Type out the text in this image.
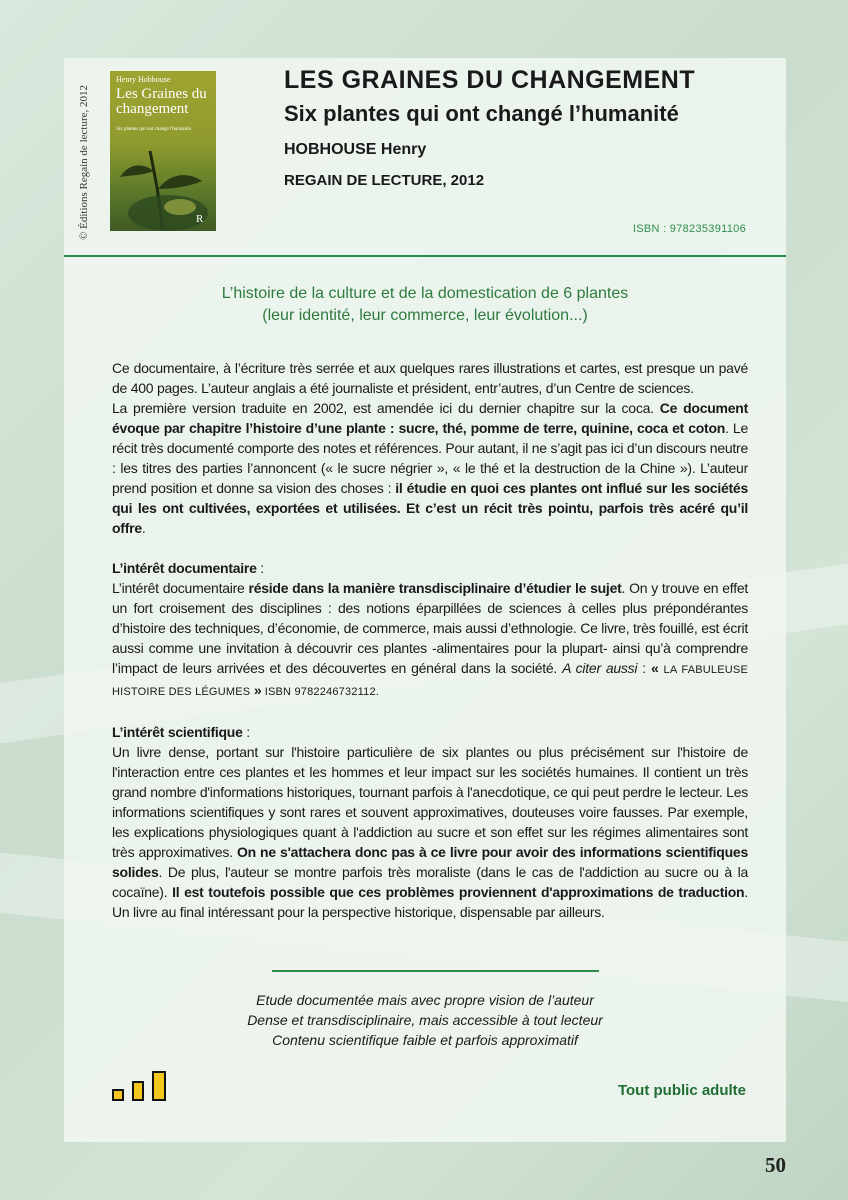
© Éditions Regain de lecture, 2012
Henry Hobhouse
Les Graines du changement
Six plantes qui ont changé l'humanité
R
LES GRAINES DU CHANGEMENT
Six plantes qui ont changé l’humanité
HOBHOUSE Henry
REGAIN DE LECTURE, 2012
ISBN : 978235391106
L’histoire de la culture et de la domestication de 6 plantes
(leur identité, leur commerce, leur évolution...)

Ce documentaire, à l’écriture très serrée et aux quelques rares illustrations et cartes, est presque un pavé de 400 pages. L’auteur anglais a été journaliste et président, entr’autres, d’un Centre de sciences.

La première version traduite en 2002, est amendée ici du dernier chapitre sur la coca. Ce document évoque par chapitre l’histoire d’une plante : sucre, thé, pomme de terre, quinine, coca et coton. Le récit très documenté comporte des notes et références. Pour autant, il ne s’agit pas ici d’un discours neutre : les titres des parties l’annoncent (« le sucre négrier », « le thé et la destruction de la Chine »). L’auteur prend position et donne sa vision des choses : il étudie en quoi ces plantes ont influé sur les sociétés qui les ont cultivées, exportées et utilisées. Et c’est un récit très pointu, parfois très acéré qu’il offre.

L’intérêt documentaire :

L’intérêt documentaire réside dans la manière transdisciplinaire d’étudier le sujet. On y trouve en effet un fort croisement des disciplines : des notions éparpillées de sciences à celles plus prépondérantes d’histoire des techniques, d’économie, de commerce, mais aussi d’ethnologie. Ce livre, très fouillé, est écrit aussi comme une invitation à découvrir ces plantes -alimentaires pour la plupart- ainsi qu’à comprendre l’impact de leurs arrivées et des découvertes en général dans la société. A citer aussi : « LA FABULEUSE HISTOIRE DES LÉGUMES » ISBN 9782246732112.

L’intérêt scientifique :

Un livre dense, portant sur l'histoire particulière de six plantes ou plus précisément sur l'histoire de l'interaction entre ces plantes et les hommes et leur impact sur les sociétés humaines. Il contient un très grand nombre d'informations historiques, tournant parfois à l'anecdotique, ce qui peut perdre le lecteur. Les informations scientifiques y sont rares et souvent approximatives, douteuses voire fausses. Par exemple, les explications physiologiques quant à l'addiction au sucre et son effet sur les régimes alimentaires sont très approximatives. On ne s'attachera donc pas à ce livre pour avoir des informations scientifiques solides. De plus, l'auteur se montre parfois très moraliste (dans le cas de l'addiction au sucre ou à la cocaïne). Il est toutefois possible que ces problèmes proviennent d'approximations de traduction. Un livre au final intéressant pour la perspective historique, dispensable par ailleurs.

Etude documentée mais avec propre vision de l’auteur
Dense et transdisciplinaire, mais accessible à tout lecteur
Contenu scientifique faible et parfois approximatif
Tout public adulte
50
